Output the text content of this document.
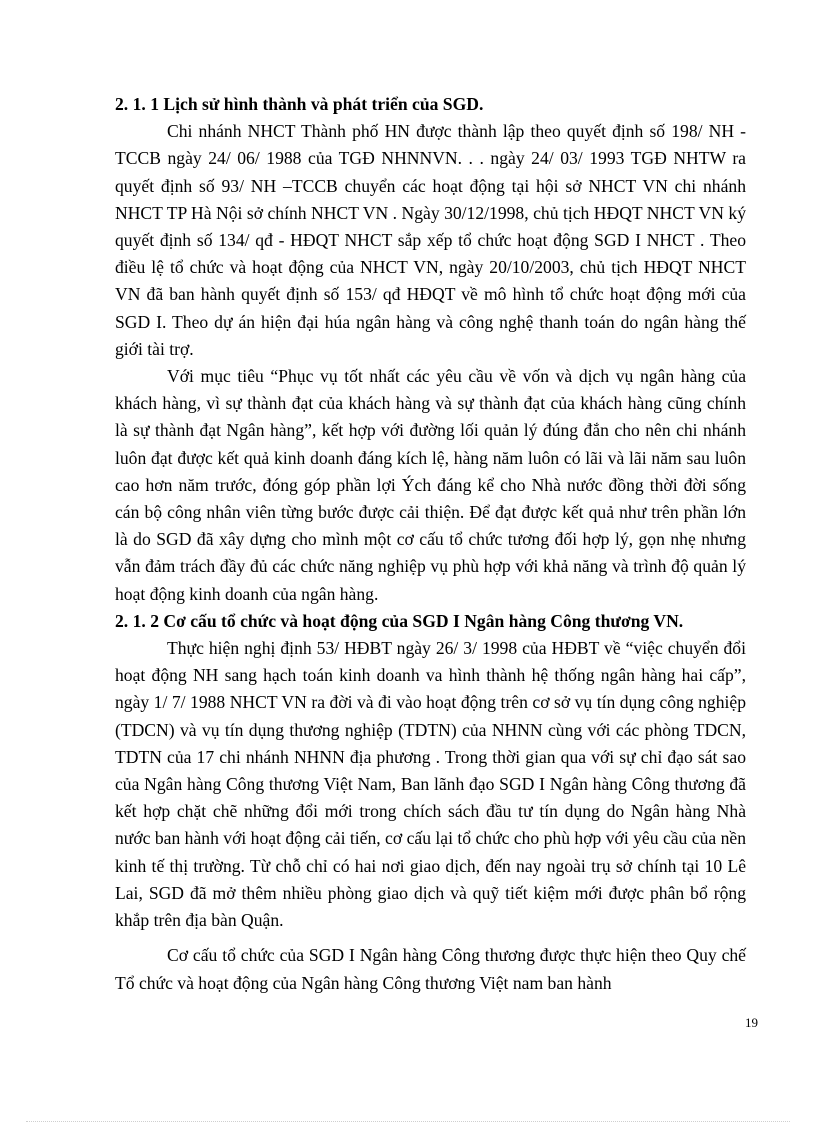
2. 1. 1 Lịch sử hình thành và phát triển của SGD.

Chi nhánh NHCT Thành phố HN được thành lập theo quyết định số 198/ NH - TCCB ngày 24/ 06/ 1988 của TGĐ NHNNVN. . . ngày 24/ 03/ 1993 TGĐ NHTW ra quyết định số 93/ NH –TCCB chuyển các hoạt động tại hội sở NHCT VN chi nhánh NHCT TP Hà Nội sở chính NHCT VN . Ngày 30/12/1998, chủ tịch HĐQT NHCT VN ký quyết định số 134/ qđ - HĐQT NHCT sắp xếp tổ chức hoạt động SGD I NHCT . Theo điều lệ tổ chức và hoạt động của NHCT VN, ngày 20/10/2003, chủ tịch HĐQT NHCT VN đã ban hành quyết định số 153/ qđ HĐQT về mô hình tổ chức hoạt động mới của SGD I. Theo dự án hiện đại húa ngân hàng và công nghệ thanh toán do ngân hàng thế giới tài trợ.

Với mục tiêu “Phục vụ tốt nhất các yêu cầu về vốn và dịch vụ ngân hàng của khách hàng, vì sự thành đạt của khách hàng và sự thành đạt của khách hàng cũng chính là sự thành đạt Ngân hàng”, kết hợp với đường lối quản lý đúng đắn cho nên chi nhánh luôn đạt được kết quả kinh doanh đáng kích lệ, hàng năm luôn có lãi và lãi năm sau luôn cao hơn năm trước, đóng góp phần lợi Ých đáng kể cho Nhà nước đồng thời đời sống cán bộ công nhân viên từng bước được cải thiện. Để đạt được kết quả như trên phần lớn là do SGD đã xây dựng cho mình một cơ cấu tổ chức tương đối hợp lý, gọn nhẹ nhưng vẫn đảm trách đầy đủ các chức năng nghiệp vụ phù hợp với khả năng và trình độ quản lý hoạt động kinh doanh của ngân hàng.

2. 1. 2 Cơ cấu tổ chức và hoạt động của SGD I Ngân hàng Công thương VN.

Thực hiện nghị định 53/ HĐBT ngày 26/ 3/ 1998 của HĐBT về “việc chuyển đổi hoạt động NH sang hạch toán kinh doanh va hình thành hệ thống ngân hàng hai cấp”, ngày 1/ 7/ 1988 NHCT VN ra đời và đi vào hoạt động trên cơ sở vụ tín dụng công nghiệp (TDCN) và vụ tín dụng thương nghiệp (TDTN) của NHNN cùng với các phòng TDCN, TDTN của 17 chi nhánh NHNN địa phương . Trong thời gian qua với sự chỉ đạo sát sao của Ngân hàng Công thương Việt Nam, Ban lãnh đạo SGD I Ngân hàng Công thương đã kết hợp chặt chẽ những đổi mới trong chích sách đầu tư tín dụng do Ngân hàng Nhà nước ban hành với hoạt động cải tiến, cơ cấu lại tổ chức cho phù hợp với yêu cầu của nền kinh tế thị trường. Từ chỗ chỉ có hai nơi giao dịch, đến nay ngoài trụ sở chính tại 10 Lê Lai, SGD đã mở thêm nhiều phòng giao dịch và quỹ tiết kiệm mới được phân bổ rộng khắp trên địa bàn Quận.

Cơ cấu tổ chức của SGD I Ngân hàng Công thương được thực hiện theo Quy chế Tổ chức và hoạt động của Ngân hàng Công thương Việt nam ban hành

19
